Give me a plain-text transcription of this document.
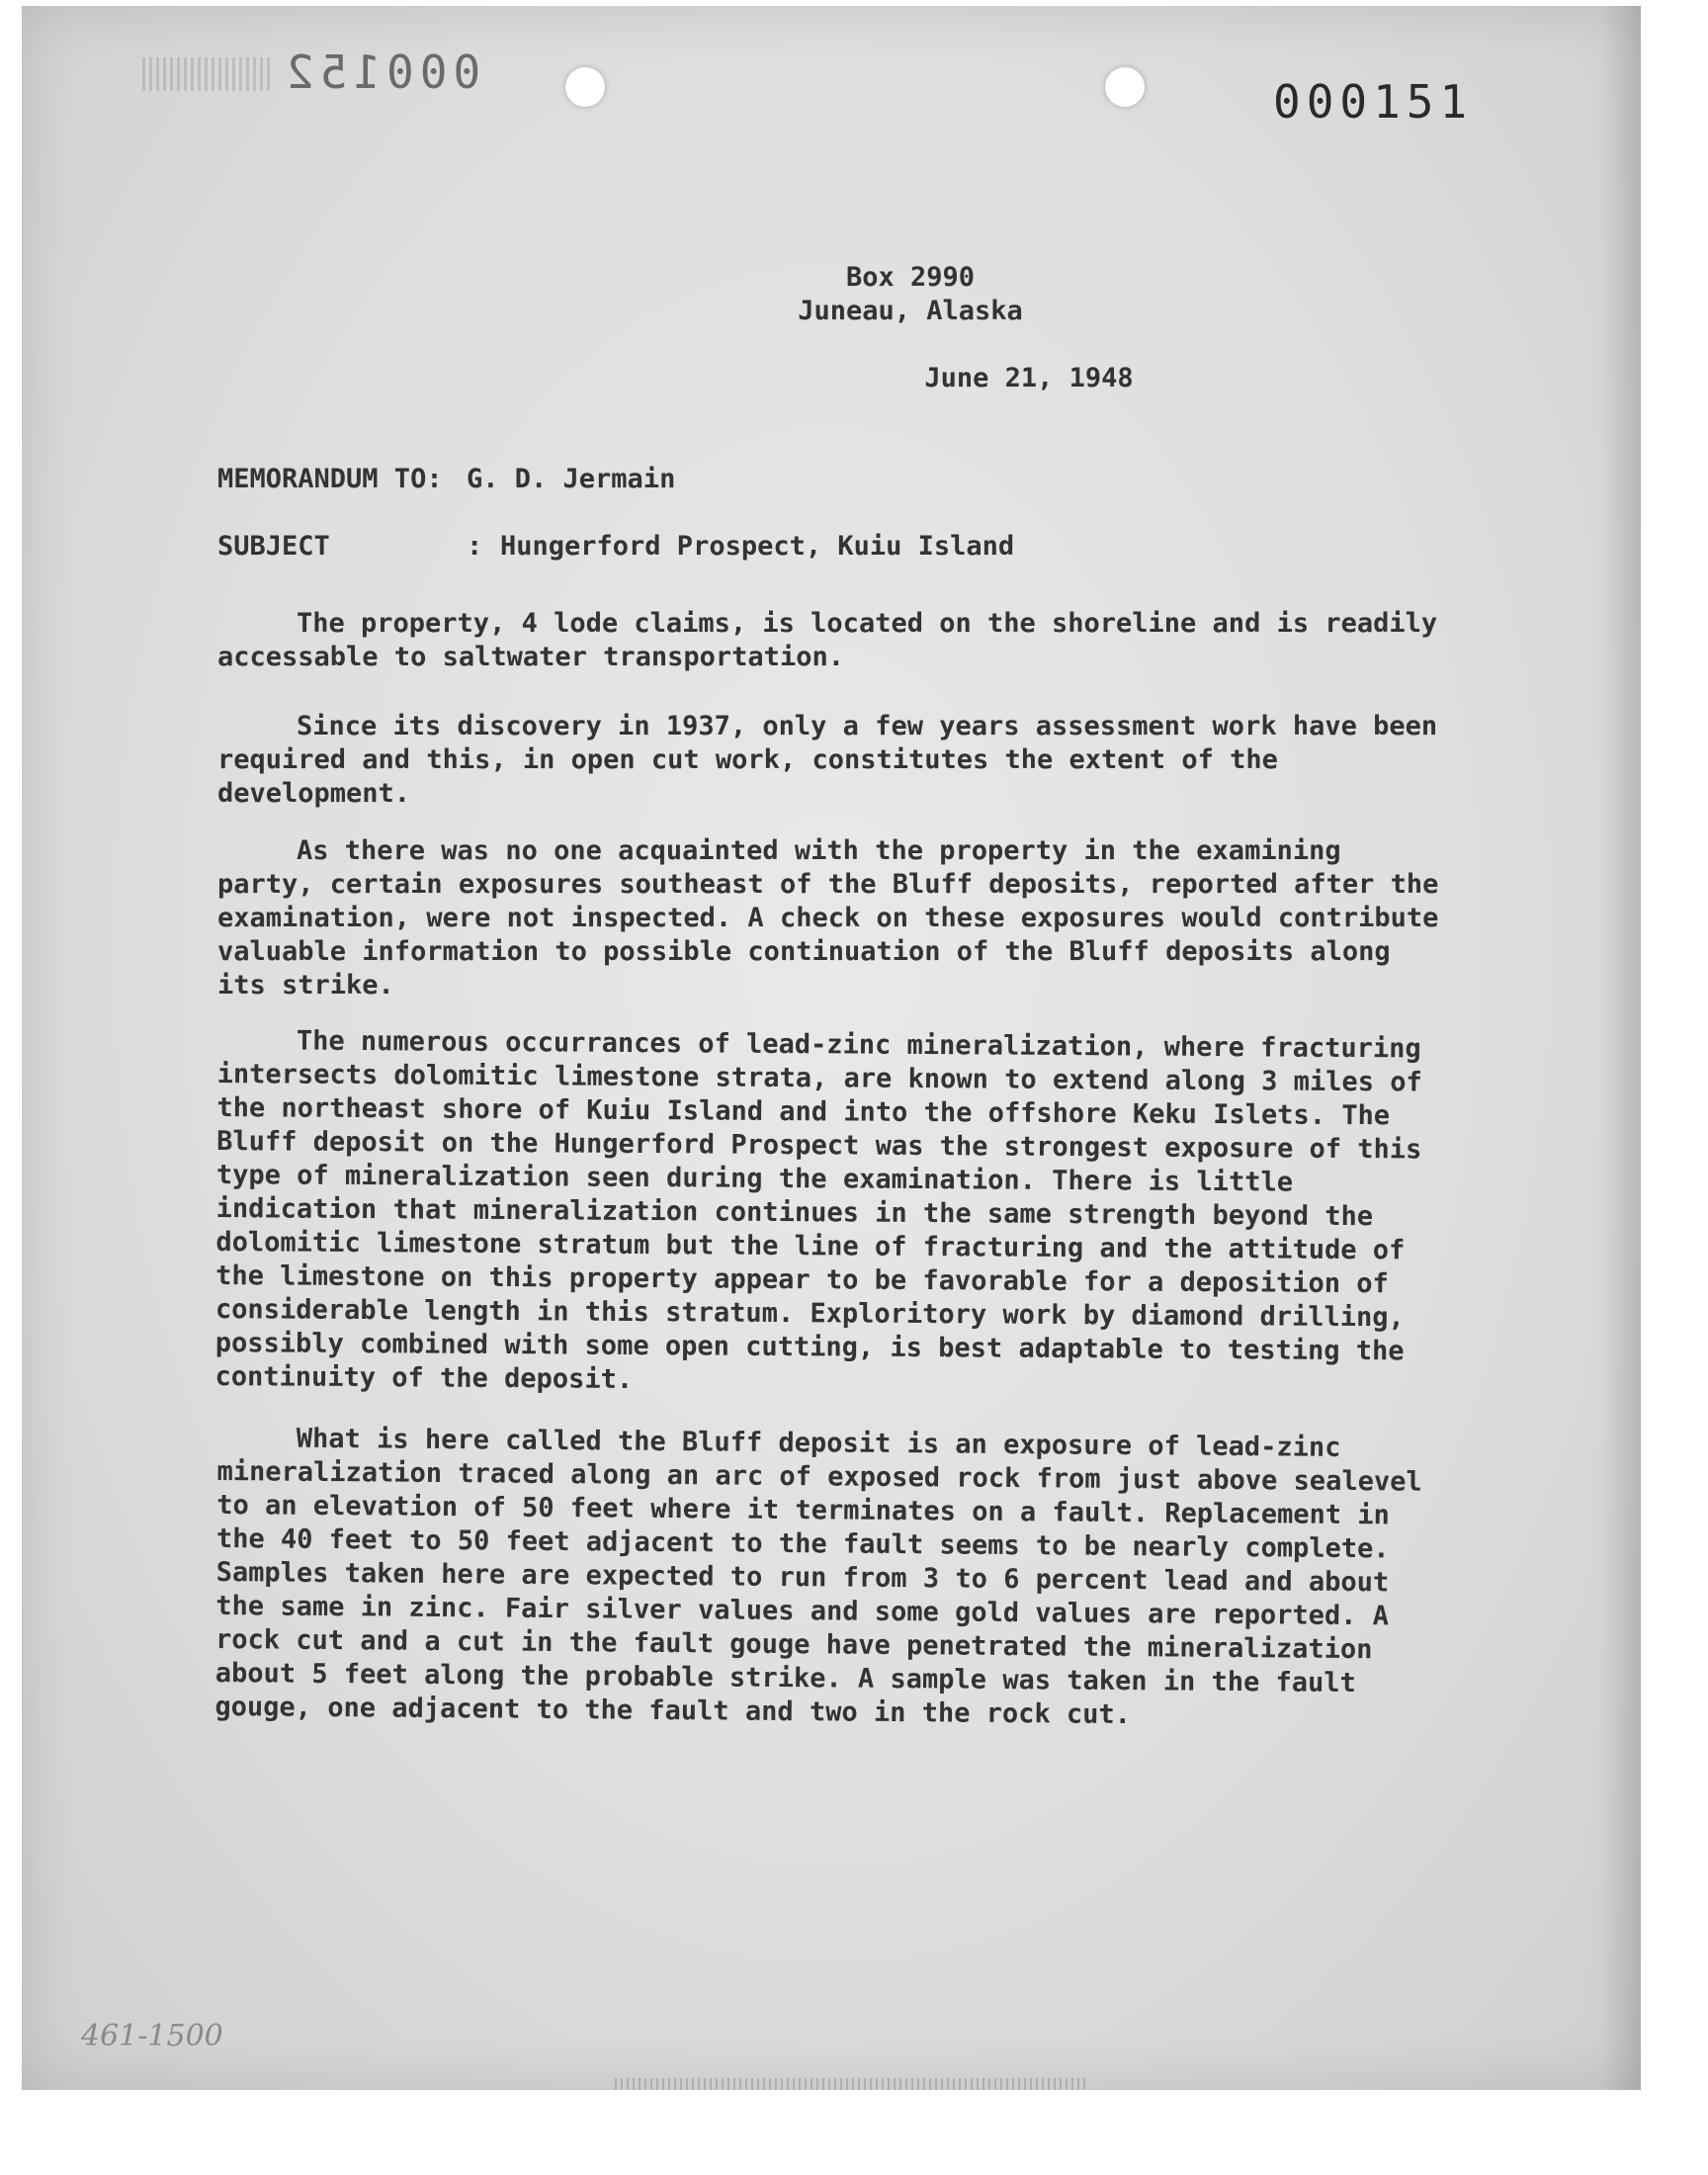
000152
000151
Box 2990
Juneau, Alaska
June 21, 1948
MEMORANDUM TO: G. D. Jermain
SUBJECT	: Hungerford Prospect, Kuiu Island

The property, 4 lode claims, is located on the shoreline and is readily accessable to saltwater transportation.

Since its discovery in 1937, only a few years assessment work have been required and this, in open cut work, constitutes the extent of the development.

As there was no one acquainted with the property in the examining party, certain exposures southeast of the Bluff deposits, reported after the examination, were not inspected. A check on these exposures would contribute valuable information to possible continuation of the Bluff deposits along its strike.

The numerous occurrances of lead-zinc mineralization, where fracturing intersects dolomitic limestone strata, are known to extend along 3 miles of the northeast shore of Kuiu Island and into the offshore Keku Islets. The Bluff deposit on the Hungerford Prospect was the strongest exposure of this type of mineralization seen during the examination. There is little indication that mineralization continues in the same strength beyond the dolomitic limestone stratum but the line of fracturing and the attitude of the limestone on this property appear to be favorable for a deposition of considerable length in this stratum. Exploritory work by diamond drilling, possibly combined with some open cutting, is best adaptable to testing the continuity of the deposit.

What is here called the Bluff deposit is an exposure of lead-zinc mineralization traced along an arc of exposed rock from just above sealevel to an elevation of 50 feet where it terminates on a fault. Replacement in the 40 feet to 50 feet adjacent to the fault seems to be nearly complete. Samples taken here are expected to run from 3 to 6 percent lead and about the same in zinc. Fair silver values and some gold values are reported. A rock cut and a cut in the fault gouge have penetrated the mineralization about 5 feet along the probable strike. A sample was taken in the fault gouge, one adjacent to the fault and two in the rock cut.

461-1500
